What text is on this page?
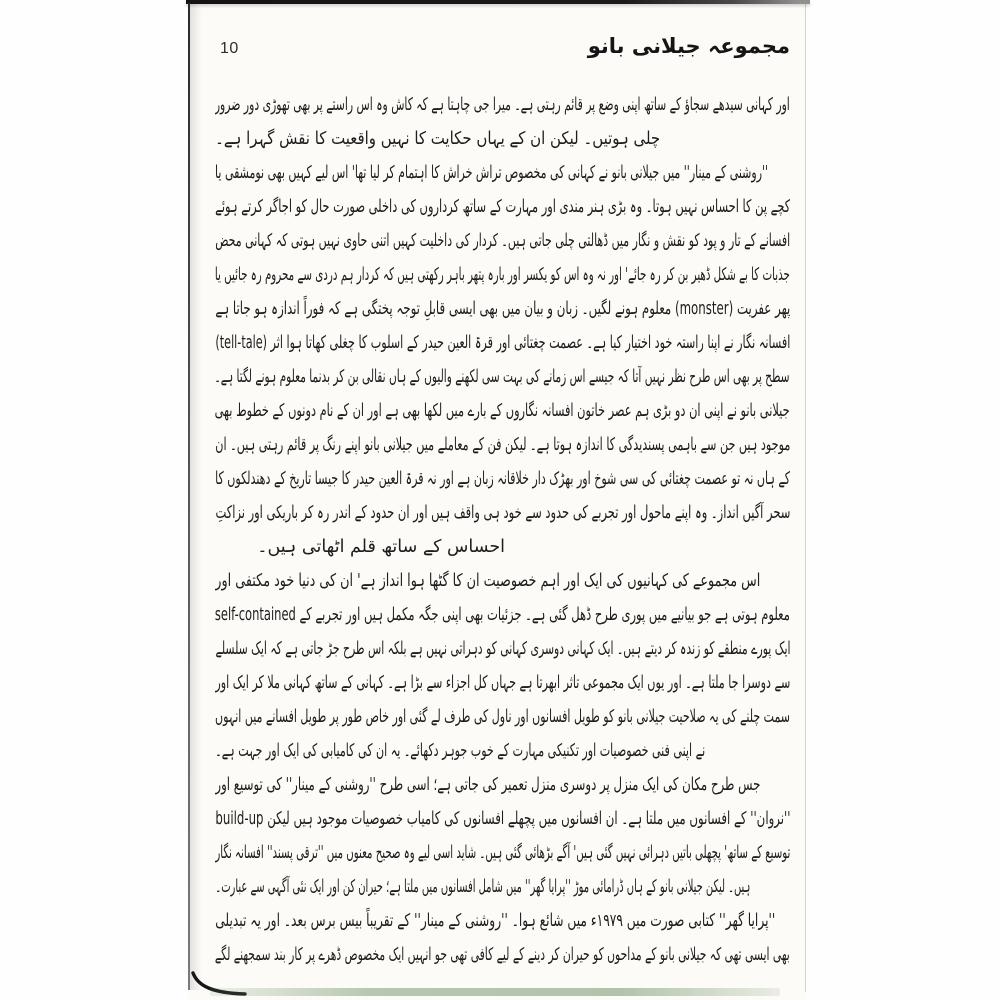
10	مجموعہ جیلانی بانو
اور کہانی سیدھے سجاؤ کے ساتھ اپنی وضع پر قائم رہتی ہے۔ میرا جی چاہتا ہے کہ کاش وہ اس راستے پر بھی تھوڑی دور ضرور
چلی ہوتیں۔ لیکن ان کے یہاں حکایت کا نہیں واقعیت کا نقش گہرا ہے۔
''روشنی کے مینار'' میں جیلانی بانو نے کہانی کی مخصوص تراش خراش کا اہتمام کر لیا تھا' اس لیے کہیں بھی نومشقی یا
کچے پن کا احساس نہیں ہوتا۔ وہ بڑی ہنر مندی اور مہارت کے ساتھ کرداروں کی داخلی صورت حال کو اجاگر کرتے ہوئے
افسانے کے تار و پود کو نقش و نگار میں ڈھالتی چلی جاتی ہیں۔ کردار کی داخلیت کہیں اتنی حاوی نہیں ہوتی کہ کہانی محض
جذبات کا بے شکل ڈھیر بن کر رہ جائے' اور نہ وہ اس کو یکسر اور بارہ پتھر باہر رکھتی ہیں کہ کردار ہم دردی سے محروم رہ جائیں یا
پھر عفریت (monster) معلوم ہونے لگیں۔ زبان و بیان میں بھی ایسی قابلِ توجہ پختگی ہے کہ فوراً اندازہ ہو جاتا ہے
افسانہ نگار نے اپنا راستہ خود اختیار کیا ہے۔ عصمت چغتائی اور قرۃ العین حیدر کے اسلوب کا چغلی کھاتا ہوا اثر (tell-tale)
سطح پر بھی اس طرح نظر نہیں آتا کہ جیسے اس زمانے کی بہت سی لکھنے والیوں کے ہاں نقالی بن کر بدنما معلوم ہونے لگتا ہے۔
جیلانی بانو نے اپنی ان دو بڑی ہم عصر خاتون افسانہ نگاروں کے بارے میں لکھا بھی ہے اور ان کے نام دونوں کے خطوط بھی
موجود ہیں جن سے باہمی پسندیدگی کا اندازہ ہوتا ہے۔ لیکن فن کے معاملے میں جیلانی بانو اپنے رنگ پر قائم رہتی ہیں۔ ان
کے ہاں نہ تو عصمت چغتائی کی سی شوخ اور بھڑک دار خلاقانہ زبان ہے اور نہ قرۃ العین حیدر کا جیسا تاریخ کے دھندلکوں کا
سحر آگیں انداز۔ وہ اپنے ماحول اور تجربے کی حدود سے خود ہی واقف ہیں اور ان حدود کے اندر رہ کر باریکی اور نزاکتِ
احساس کے ساتھ قلم اٹھاتی ہیں۔
اس مجموعے کی کہانیوں کی ایک اور اہم خصوصیت ان کا گٹھا ہوا انداز ہے' ان کی دنیا خود مکتفی اور
معلوم ہوتی ہے جو بیانیے میں پوری طرح ڈھل گئی ہے۔ جزئیات بھی اپنی جگہ مکمل ہیں اور تجربے کے self-contained
ایک پورے منطقے کو زندہ کر دیتے ہیں۔ ایک کہانی دوسری کہانی کو دہراتی نہیں ہے بلکہ اس طرح جڑ جاتی ہے کہ ایک سلسلے
سے دوسرا جا ملتا ہے۔ اور یوں ایک مجموعی تاثر ابھرتا ہے جہاں کل اجزاء سے بڑا ہے۔ کہانی کے ساتھ کہانی ملا کر ایک اور
سمت چلنے کی یہ صلاحیت جیلانی بانو کو طویل افسانوں اور ناول کی طرف لے گئی اور خاص طور پر طویل افسانے میں انہوں
نے اپنی فنی خصوصیات اور تکنیکی مہارت کے خوب جوہر دکھائے۔ یہ ان کی کامیابی کی ایک اور جہت ہے۔
جس طرح مکان کی ایک منزل پر دوسری منزل تعمیر کی جاتی ہے؛ اسی طرح ''روشنی کے مینار'' کی توسیع اور
''نروان'' کے افسانوں میں ملتا ہے۔ ان افسانوں میں پچھلے افسانوں کی کامیاب خصوصیات موجود ہیں لیکن build-up
توسیع کے ساتھ' پچھلی باتیں دہرائی نہیں گئی ہیں' آگے بڑھائی گئی ہیں۔ شاید اسی لیے وہ صحیح معنوں میں ''ترقی پسند'' افسانہ نگار
ہیں۔ لیکن جیلانی بانو کے ہاں ڈرامائی موڑ ''پرایا گھر'' میں شامل افسانوں میں ملتا ہے؛ حیران کن اور ایک نئی آگہی سے عبارت۔
''پرایا گھر'' کتابی صورت میں ۱۹۷۹ء میں شائع ہوا۔ ''روشنی کے مینار'' کے تقریباً بیس برس بعد۔ اور یہ تبدیلی
بھی ایسی تھی کہ جیلانی بانو کے مداحوں کو حیران کر دینے کے لیے کافی تھی جو انہیں ایک مخصوص ڈھرے پر کار بند سمجھنے لگے
